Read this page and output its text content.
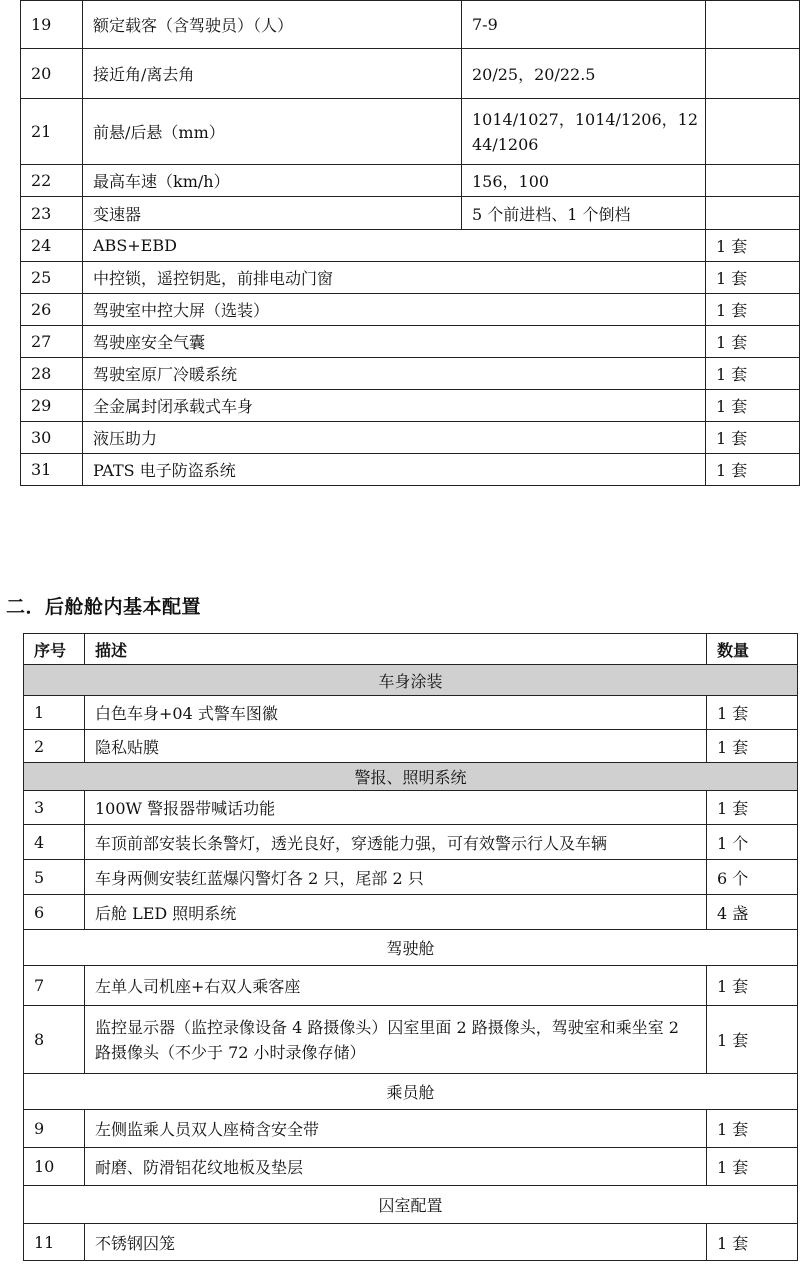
19	额定载客（含驾驶员）（人）	7-9	
20	接近角/离去角	20/25，20/22.5	
21	前悬/后悬（mm）	1014/1027，1014/1206，1244/1206	
22	最高车速（km/h）	156，100	
23	变速器	5 个前进档、1 个倒档	
24	ABS+EBD		1 套
25	中控锁，遥控钥匙，前排电动门窗		1 套
26	驾驶室中控大屏（选装）		1 套
27	驾驶座安全气囊		1 套
28	驾驶室原厂冷暖系统		1 套
29	全金属封闭承载式车身		1 套
30	液压助力		1 套
31	PATS 电子防盗系统		1 套
二．后舱舱内基本配置
序号	描述	数量
车身涂装		
1	白色车身+04 式警车图徽	1 套
2	隐私贴膜	1 套
警报、照明系统		
3	100W 警报器带喊话功能	1 套
4	车顶前部安装长条警灯，透光良好，穿透能力强，可有效警示行人及车辆	1 个
5	车身两侧安装红蓝爆闪警灯各 2 只，尾部 2 只	6 个
6	后舱 LED 照明系统	4 盏
驾驶舱		
7	左单人司机座+右双人乘客座	1 套
8	监控显示器（监控录像设备 4 路摄像头）囚室里面 2 路摄像头，驾驶室和乘坐室 2 路摄像头（不少于 72 小时录像存储）	1 套
乘员舱		
9	左侧监乘人员双人座椅含安全带	1 套
10	耐磨、防滑铝花纹地板及垫层	1 套
囚室配置		
11	不锈钢囚笼	1 套
